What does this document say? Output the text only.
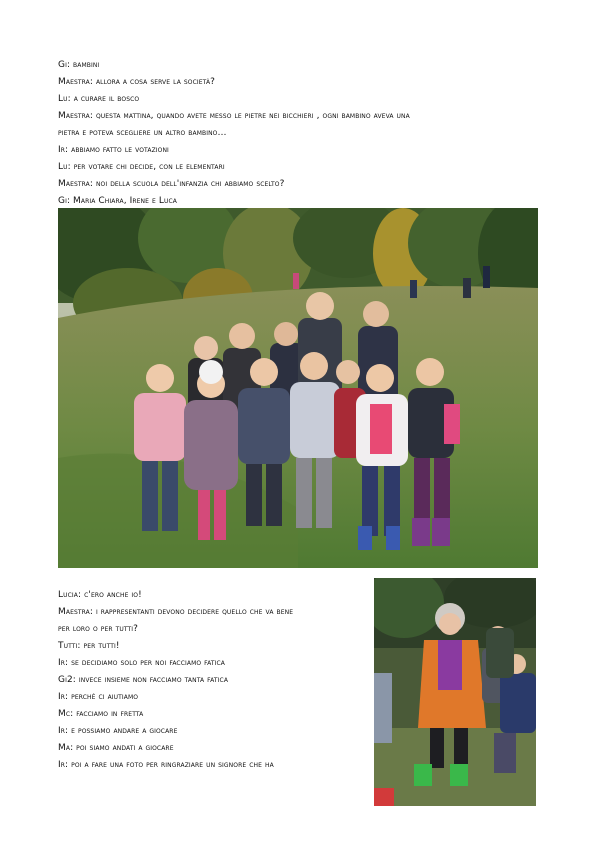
Gi: bambini
Maestra: allora a cosa serve la società?
Lu: a curare il bosco
Maestra: questa mattina, quando avete messo le pietre nei bicchieri , ogni bambino aveva una
pietra e poteva scegliere un altro bambino…
Ir: abbiamo fatto le votazioni
Lu: per votare chi decide, con le elementari
Maestra: noi della scuola dell'infanzia chi abbiamo scelto?
Gi: Maria Chiara, Irene e Luca
Lucia: c'ero anche io!
Maestra: i rappresentanti devono decidere quello che va bene
per loro o per tutti?
Tutti: per tutti!
Ir: se decidiamo solo per noi facciamo fatica
Gi2: invece insieme non facciamo tanta fatica
Ir: perché ci aiutiamo
Mc: facciamo in fretta
Ir: e possiamo andare a giocare
Ma: poi siamo andati a giocare
Ir: poi a fare una foto per ringraziare un signore che ha
